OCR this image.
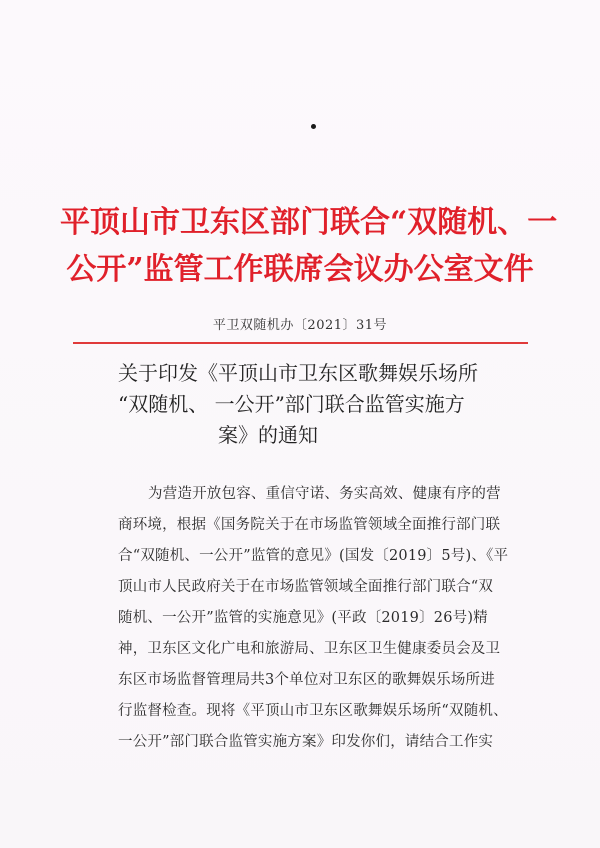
平顶山市卫东区部门联合“双随机、一
公开”监管工作联席会议办公室文件
平卫双随机办〔2021〕31号
关于印发《平顶山市卫东区歌舞娱乐场所
“双随机、 一公开”部门联合监管实施方
案》的通知
为营造开放包容、重信守诺、务实高效、健康有序的营
商环境，根据《国务院关于在市场监管领域全面推行部门联
合“双随机、一公开”监管的意见》(国发〔2019〕5号)、《平
顶山市人民政府关于在市场监管领域全面推行部门联合“双
随机、一公开”监管的实施意见》(平政〔2019〕26号)精
神，卫东区文化广电和旅游局、卫东区卫生健康委员会及卫
东区市场监督管理局共3个单位对卫东区的歌舞娱乐场所进
行监督检查。现将《平顶山市卫东区歌舞娱乐场所“双随机、
一公开”部门联合监管实施方案》印发你们，请结合工作实
